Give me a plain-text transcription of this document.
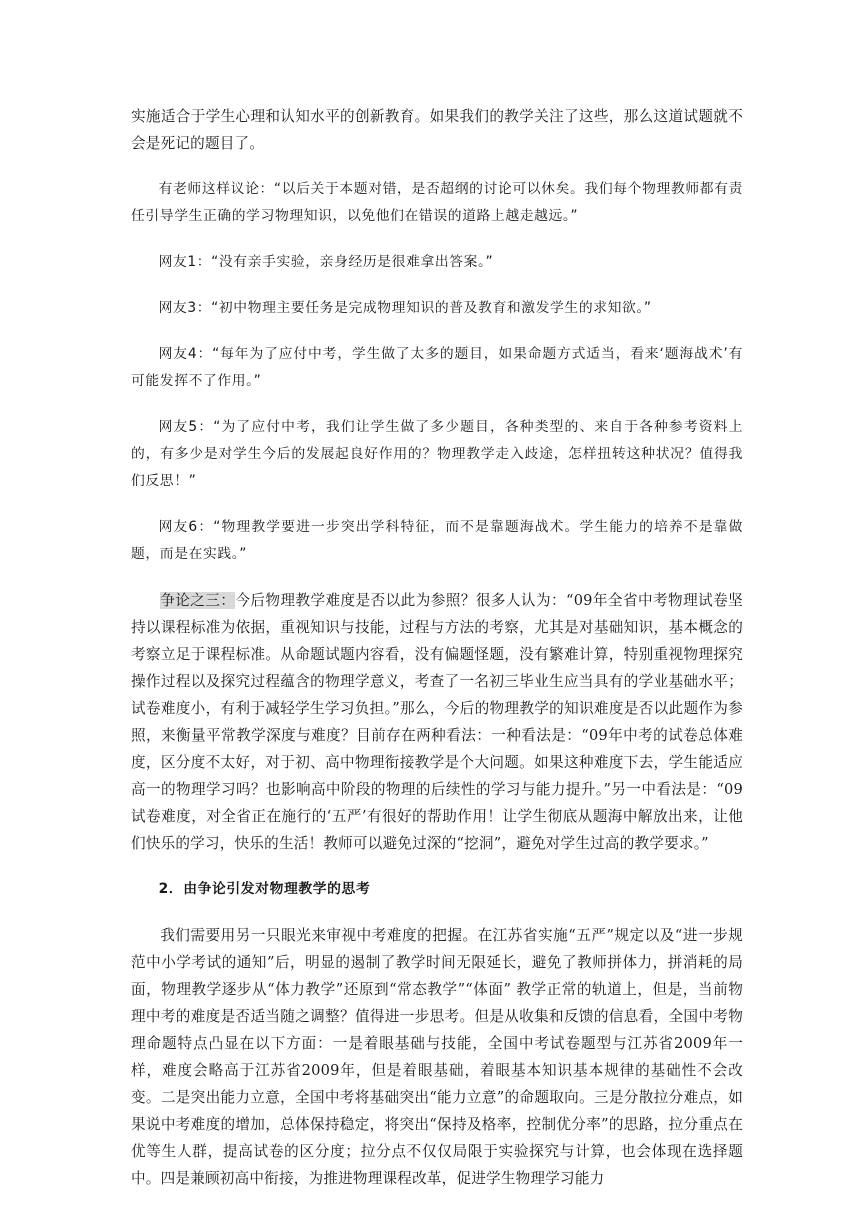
实施适合于学生心理和认知水平的创新教育。如果我们的教学关注了这些，那么这道试题就不会是死记的题目了。

有老师这样议论：“以后关于本题对错，是否超纲的讨论可以休矣。我们每个物理教师都有责任引导学生正确的学习物理知识，以免他们在错误的道路上越走越远。”

网友1：“没有亲手实验，亲身经历是很难拿出答案。”

网友3：“初中物理主要任务是完成物理知识的普及教育和激发学生的求知欲。”

网友4：“每年为了应付中考，学生做了太多的题目，如果命题方式适当，看来‘题海战术’有可能发挥不了作用。”

网友5：“为了应付中考，我们让学生做了多少题目，各种类型的、来自于各种参考资料上的，有多少是对学生今后的发展起良好作用的？物理教学走入歧途，怎样扭转这种状况？值得我们反思！”

网友6：“物理教学要进一步突出学科特征，而不是靠题海战术。学生能力的培养不是靠做题，而是在实践。”

争论之三：今后物理教学难度是否以此为参照？很多人认为：“09年全省中考物理试卷坚持以课程标准为依据，重视知识与技能，过程与方法的考察，尤其是对基础知识，基本概念的考察立足于课程标准。从命题试题内容看，没有偏题怪题，没有繁难计算，特别重视物理探究操作过程以及探究过程蕴含的物理学意义，考查了一名初三毕业生应当具有的学业基础水平；试卷难度小，有利于减轻学生学习负担。”那么，今后的物理教学的知识难度是否以此题作为参照，来衡量平常教学深度与难度？目前存在两种看法：一种看法是：“09年中考的试卷总体难度，区分度不太好，对于初、高中物理衔接教学是个大问题。如果这种难度下去，学生能适应高一的物理学习吗？也影响高中阶段的物理的后续性的学习与能力提升。”另一中看法是：“09试卷难度，对全省正在施行的‘五严’有很好的帮助作用！让学生彻底从题海中解放出来，让他们快乐的学习，快乐的生活！教师可以避免过深的“挖洞”，避免对学生过高的教学要求。”

2．由争论引发对物理教学的思考

我们需要用另一只眼光来审视中考难度的把握。在江苏省实施“五严”规定以及“进一步规范中小学考试的通知”后，明显的遏制了教学时间无限延长，避免了教师拼体力，拼消耗的局面，物理教学逐步从“体力教学”还原到“常态教学”“体面” 教学正常的轨道上，但是，当前物理中考的难度是否适当随之调整？值得进一步思考。但是从收集和反馈的信息看，全国中考物理命题特点凸显在以下方面：一是着眼基础与技能，全国中考试卷题型与江苏省2009年一样，难度会略高于江苏省2009年，但是着眼基础，着眼基本知识基本规律的基础性不会改变。二是突出能力立意，全国中考将基础突出“能力立意”的命题取向。三是分散拉分难点，如果说中考难度的增加，总体保持稳定，将突出“保持及格率，控制优分率”的思路，拉分重点在优等生人群，提高试卷的区分度；拉分点不仅仅局限于实验探究与计算，也会体现在选择题中。四是兼顾初高中衔接，为推进物理课程改革，促进学生物理学习能力
